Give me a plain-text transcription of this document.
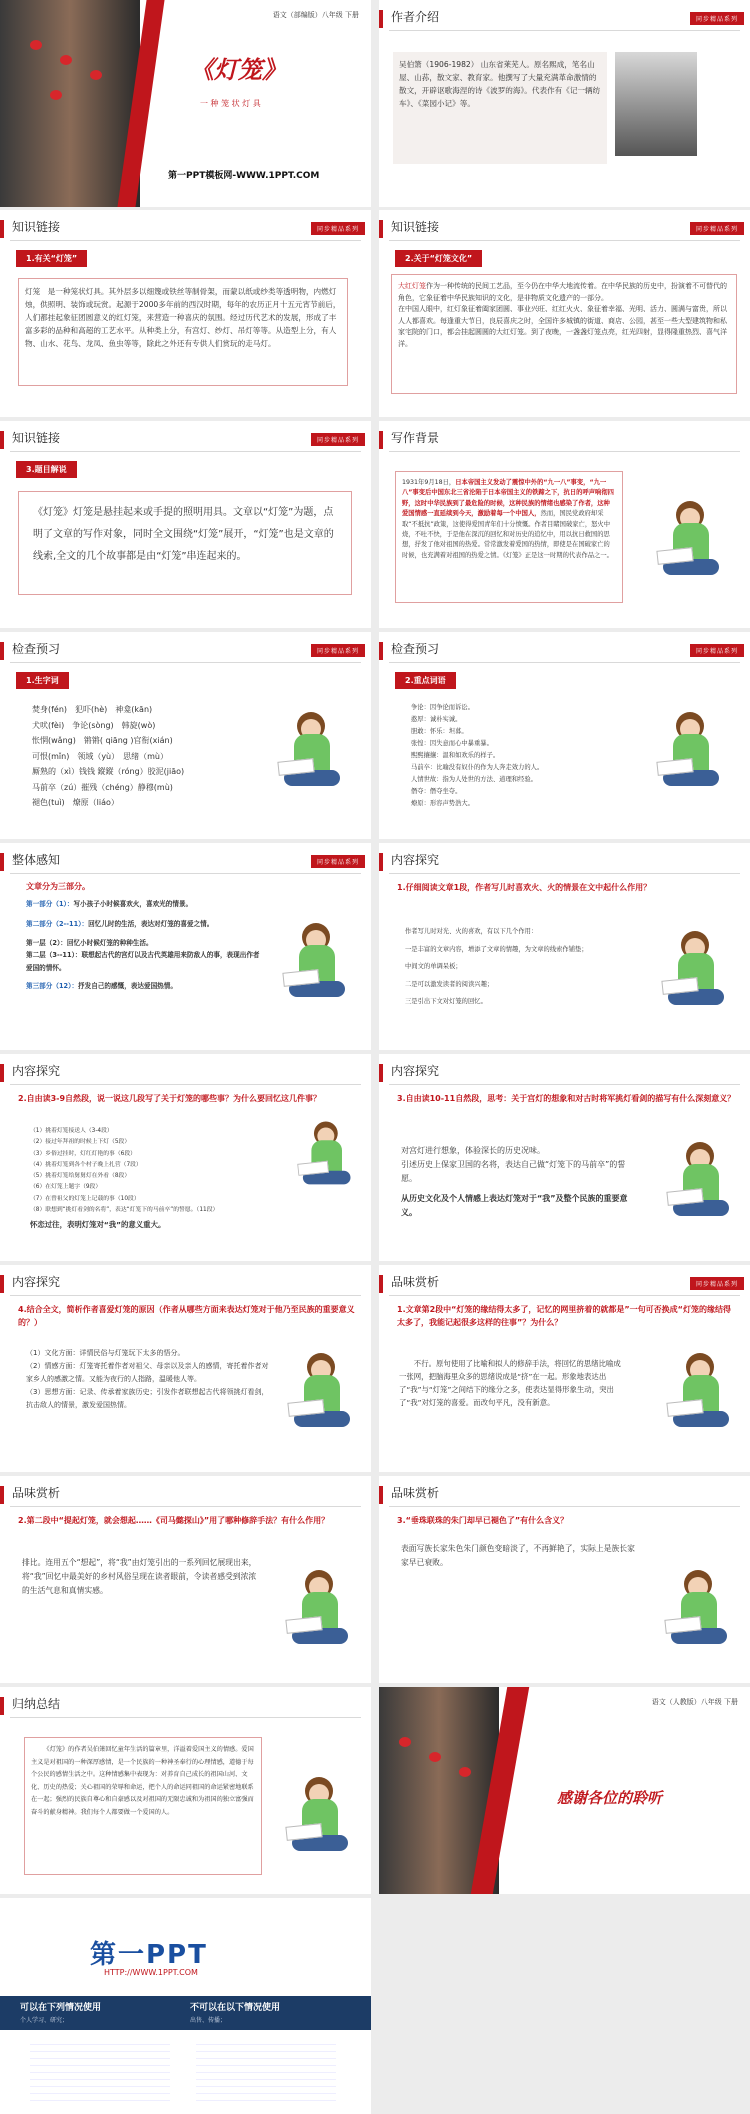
语文（部编版）八年级 下册
《灯笼》
一 种 笼 状 灯 具
第一PPT模板网-WWW.1PPT.COM
作者介绍	同步精品系列
吴伯箫（1906-1982） 山东省莱芜人。原名熙成，笔名山屋、山荪，散文家、教育家。他撰写了大量充满革命激情的散文，开辟讴歌海涅的诗《波罗的海》。代表作有《记一辆纺车》、《菜园小记》等。
知识链接	同步精品系列
1.有关“灯笼”
灯笼　是一种笼状灯具。其外层多以细篾或铁丝等制骨架，而蒙以纸或纱类等透明物，内燃灯烛，供照明、装饰或玩赏。起源于2000多年前的西汉时期，每年的农历正月十五元宵节前后，人们都挂起象征团圆意义的红灯笼，来营造一种喜庆的氛围。经过历代艺术的发展，形成了丰富多彩的品种和高超的工艺水平。从种类上分，有宫灯、纱灯、吊灯等等。从造型上分，有人物、山水、花鸟、龙凤、鱼虫等等，除此之外还有专供人们赏玩的走马灯。
知识链接	同步精品系列
2.关于“灯笼文化”
大红灯笼作为一种传统的民间工艺品，至今仍在中华大地流传着。在中华民族的历史中，扮演着不可替代的角色，它象征着中华民族知识的文化，是非物质文化遗产的一部分。
在中国人眼中，红灯象征着阖家团圆、事业兴旺、红红火火、象征着幸福、光明、活力、圆满与富贵，所以人人都喜欢。每逢重大节日，良辰喜庆之时，全国许多城镇的街道、商店、公园，甚至一些大型建筑物和私家宅院的门口，都会挂起圆圆的大红灯笼。到了夜晚，一盏盏灯笼点亮，红光四射，显得隆重热烈、喜气洋洋。
知识链接	同步精品系列
3.题目解说
《灯笼》灯笼是悬挂起来或手提的照明用具。文章以“灯笼”为题，点明了文章的写作对象，同时全文围绕“灯笼”展开，“灯笼”也是文章的线索,全文的几个故事都是由“灯笼”串连起来的。
写作背景
1931年9月18日，日本帝国主义发动了震惊中外的“九一八”事变，“九一八”事变后中国东北三省沦陷于日本帝国主义的铁蹄之下，抗日的呼声响彻四野，这时中华民族到了最危险的时候，这种民族的情绪也感染了作者，这种爱国情感一直延续到今天，激励着每一个中国人，然而，国民党政府却采取“不抵抗”政策，这使得爱国青年们十分愤慨。作者目睹国破家亡，怒火中烧，不吐不快，于是他在深沉的回忆和对历史的追忆中，用以抗日救国的思想，抒发了他对祖国的热爱。常常激发着爱国的热情，即使是在国破家亡的时候，也充满着对祖国的热爱之情。《灯笼》正是这一时期的代表作品之一。
检查预习	同步精品系列
1.生字词
焚身(fén)　犯吓(hè)　神龛(kān)
犬吠(fèi)　争论(sòng)　韩旋(wò)
怅惘(wǎng)　锵锵( qiāng )官衔(xián)
可恨(mǐn)　领域（yù）　思绪（mù）
厮熟的（xì）钱钱 鏦鏦（róng）胶泥(jiāo)
马前卒（zú）摧残（chéng）静穆(mù)
褪色(tuì)　燎原（liáo）
检查预习	同步精品系列
2.重点词语
争论：因争论而诉讼。
憨厚：诚朴实诚。
胆敢：怀乐：坦暮。
张惶：因失意而心中暴重暴。
熙熙攘攘：温和如欢乐的样子。
马前卒：比喻没有奴仆的作为人奔走效力的人。
人情世故：指为人处世的方法、道理和经验。
僭夺：僭夺坐夺。
燎原：形容声势浩大。
整体感知	同步精品系列
文章分为三部分。
第一部分（1）：写小孩子小时候喜欢火，喜欢光的情景。
第二部分（2--11）：回忆儿时的生活，表达对灯笼的喜爱之情。
第一层（2）：回忆小时候灯笼的种种生活。
第二层（3--11）：联想起古代的宫灯以及古代英雄用来防敌人的事，表现出作者爱国的情怀。
第三部分（12）：抒发自己的感慨，表达爱国热情。
内容探究
1.仔细阅读文章1段，作者写儿时喜欢火、火的情景在文中起什么作用？
作者写儿时对光、火的喜欢，有以下几个作用：
一是丰富的文章内容，增添了文章的情趣，为文章的线索作铺垫；
中间文的单调呆板；
二是可以激发读者的阅读兴趣；
三是引出下文对灯笼的回忆。
内容探究
2.自由读3-9自然段，说一说这几段写了关于灯笼的哪些事？为什么要回忆这几件事？
（1）挑着灯笼接送人（3-4段）
（2）接过年拜祖的时候上下灯（5段）
（3）乡俗过挂时，灯红灯艳的事（6段）
（4）挑着灯笼到各个村子晚上扎营（7段）
（5）挑着灯笼给舅舅灯在外看（8段）
（6）在灯笼上题字（9段）
（7）在曾祖父的灯笼上记载的事（10段）
（8）联想到“挑灯看剑的名将”，表达“灯笼下的马前卒”的誓愿。（11段）
怀恋过往，表明灯笼对“我”的意义重大。
内容探究
3.自由读10-11自然段，思考：关于宫灯的想象和对古时将军挑灯看剑的描写有什么深刻意义？
对宫灯进行想象，体验深长的历史况味。
引述历史上保家卫国的名将，表达自己做“灯笼下的马前卒”的誓愿。
从历史文化及个人情感上表达灯笼对于“我”及整个民族的重要意义。
内容探究
4.结合全文，简析作者喜爱灯笼的原因（作者从哪些方面来表达灯笼对于他乃至民族的重要意义的？）
（1）文化方面：详情民俗与灯笼玩下太多的悟分。
（2）情感方面：灯笼寄托着作者对祖父、母亲以及亲人的感情，寄托着作者对家乡人的感激之情。又能为夜行的人指路，温暖他人等。
（3）思想方面：记录、传承着家族历史；引发作者联想起古代将领挑灯看剑，抗击敌人的情景，激发爱国热情。
品味赏析	同步精品系列
1.文章第2段中“灯笼的缘结得太多了，记忆的网里挤着的就都是”一句可否换成“灯笼的缘结得太多了，我能记起很多这样的往事”？为什么？
不行。原句使用了比喻和拟人的修辞手法，将回忆的思绪比喻成一张网，把脑海里众多的思绪说成是“挤”在一起。形象地表达出了“我”与“灯笼”之间结下的缘分之多，使表达显得形象生动，突出了“我”对灯笼的喜爱。而改句平凡，没有新意。
品味赏析
2.第二段中“提起灯笼，就会想起……《司马懿探山》”用了哪种修辞手法？有什么作用？
排比。连用五个“想起”，将“我”由灯笼引出的一系列回忆展现出来，将“我”回忆中最美好的乡村风俗呈现在读者眼前，令读者感受到浓浓的生活气息和真情实感。
品味赏析
3.“垂珠联珠的朱门却早已褪色了”有什么含义？
表面写族长家朱色朱门颜色变暗淡了，不再鲜艳了，实际上是族长家家早已衰败。
归纳总结
《灯笼》的作者吴伯箫回忆童年生活的篇章里，洋溢着爱国主义的情感。爱国主义是对祖国的一种深厚感情，是一个民族的一种神圣奉行的心理情感，道德于每个公民的感情生活之中。这种情感集中表现为：对养育自己成长的祖国山河、文化、历史的热爱；关心祖国的荣辱和命运，把个人的命运同祖国的命运紧密地联系在一起；强烈的民族自尊心和自豪感以及对祖国的无限忠诚和为祖国的独立富强而奋斗的献身精神。我们每个人都要做一个爱国的人。
语文（人教版）八年级 下册
感谢各位的聆听
第一PPT
HTTP://WWW.1PPT.COM
可以在下列情况使用
个人学习、研究；
不可以在以下情况使用
出售、传播；
